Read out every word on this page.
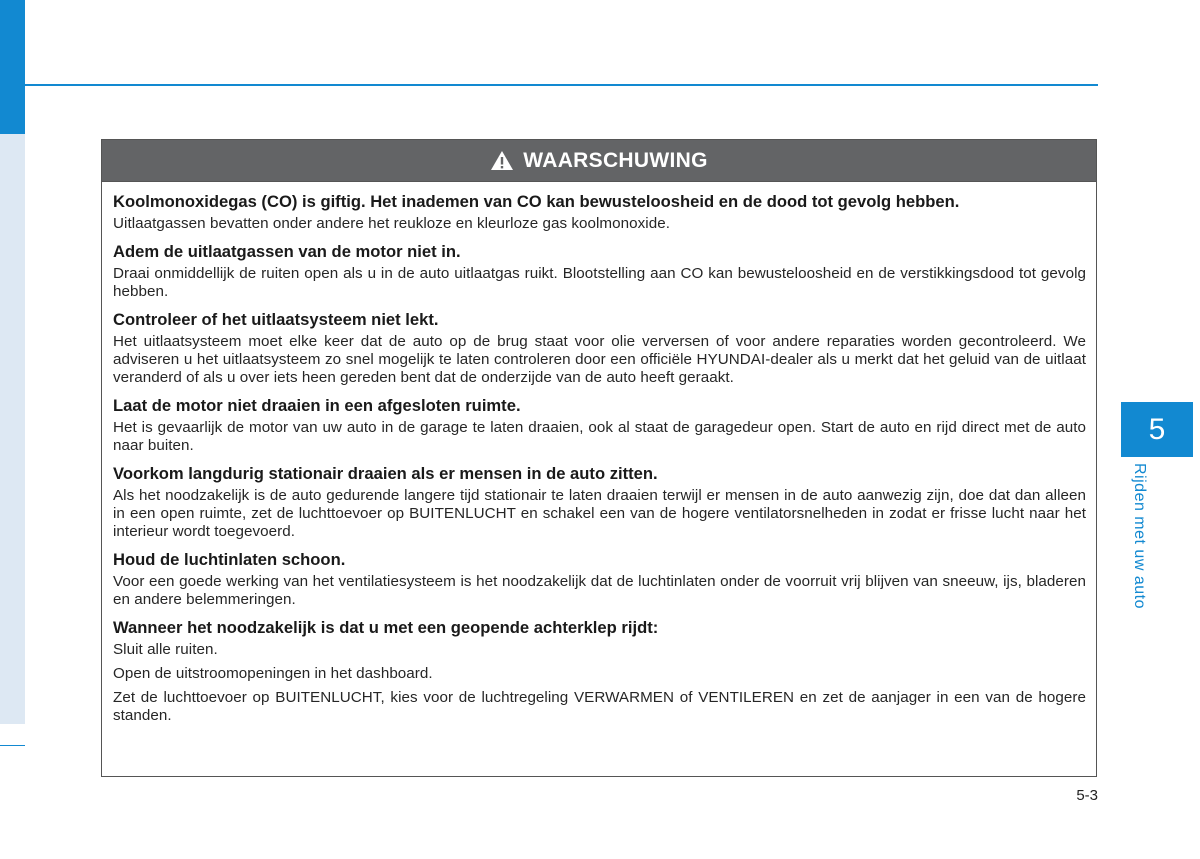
5
Rijden met uw auto
WAARSCHUWING
Koolmonoxidegas (CO) is giftig. Het inademen van CO kan bewusteloosheid en de dood tot gevolg hebben.
Uitlaatgassen bevatten onder andere het reukloze en kleurloze gas koolmonoxide.
Adem de uitlaatgassen van de motor niet in.
Draai onmiddellijk de ruiten open als u in de auto uitlaatgas ruikt. Blootstelling aan CO kan bewusteloosheid en de verstikkingsdood tot gevolg hebben.
Controleer of het uitlaatsysteem niet lekt.
Het uitlaatsysteem moet elke keer dat de auto op de brug staat voor olie verversen of voor andere reparaties worden gecontroleerd. We adviseren u het uitlaatsysteem zo snel mogelijk te laten controleren door een officiële HYUNDAI-dealer als u merkt dat het geluid van de uitlaat veranderd of als u over iets heen gereden bent dat de onderzijde van de auto heeft geraakt.
Laat de motor niet draaien in een afgesloten ruimte.
Het is gevaarlijk de motor van uw auto in de garage te laten draaien, ook al staat de garagedeur open. Start de auto en rijd direct met de auto naar buiten.
Voorkom langdurig stationair draaien als er mensen in de auto zitten.
Als het noodzakelijk is de auto gedurende langere tijd stationair te laten draaien terwijl er mensen in de auto aanwezig zijn, doe dat dan alleen in een open ruimte, zet de luchttoevoer op BUITENLUCHT en schakel een van de hogere ventilatorsnelheden in zodat er frisse lucht naar het interieur wordt toegevoerd.
Houd de luchtinlaten schoon.
Voor een goede werking van het ventilatiesysteem is het noodzakelijk dat de luchtinlaten onder de voorruit vrij blijven van sneeuw, ijs, bladeren en andere belemmeringen.
Wanneer het noodzakelijk is dat u met een geopende achterklep rijdt:
Sluit alle ruiten.
Open de uitstroomopeningen in het dashboard.
Zet de luchttoevoer op BUITENLUCHT, kies voor de luchtregeling VERWARMEN of VENTILEREN en zet de aanjager in een van de hogere standen.
5-3
